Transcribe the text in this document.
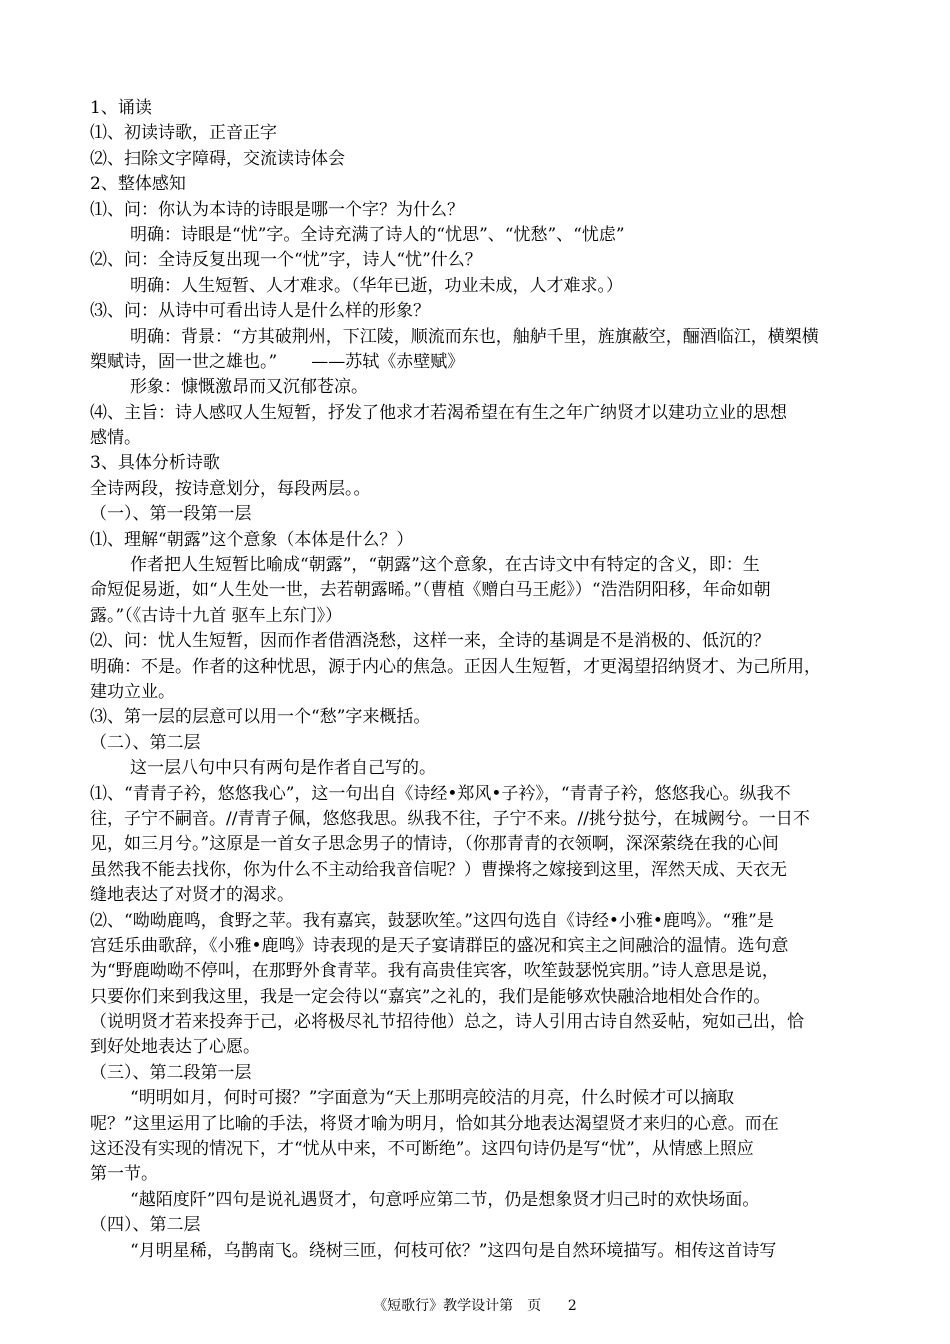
1、诵读
⑴、初读诗歌，正音正字
⑵、扫除文字障碍，交流读诗体会
2、整体感知
⑴、问：你认为本诗的诗眼是哪一个字？为什么？
明确：诗眼是“忧”字。全诗充满了诗人的“忧思”、“忧愁”、“忧虑”
⑵、问：全诗反复出现一个“忧”字，诗人“忧”什么？
明确：人生短暂、人才难求。（华年已逝，功业未成，人才难求。）
⑶、问：从诗中可看出诗人是什么样的形象？
明确：背景：“方其破荆州，下江陵，顺流而东也，舳舻千里，旌旗蔽空，酾酒临江，横槊横
槊赋诗，固一世之雄也。”　　——苏轼《赤壁赋》
形象：慷慨激昂而又沉郁苍凉。
⑷、主旨：诗人感叹人生短暂，抒发了他求才若渴希望在有生之年广纳贤才以建功立业的思想
感情。
3、具体分析诗歌
全诗两段，按诗意划分，每段两层。。
（一）、第一段第一层
⑴、理解“朝露”这个意象（本体是什么？）
作者把人生短暂比喻成“朝露”，“朝露”这个意象，在古诗文中有特定的含义，即：生
命短促易逝，如“人生处一世，去若朝露晞。”（曹植《赠白马王彪》）“浩浩阴阳移，年命如朝
露。”（《古诗十九首 驱车上东门》）
⑵、问：忧人生短暂，因而作者借酒浇愁，这样一来，全诗的基调是不是消极的、低沉的？
明确：不是。作者的这种忧思，源于内心的焦急。正因人生短暂，才更渴望招纳贤才、为己所用，
建功立业。
⑶、第一层的层意可以用一个“愁”字来概括。
（二）、第二层
这一层八句中只有两句是作者自己写的。
⑴、“青青子衿，悠悠我心”，这一句出自《诗经•郑风•子衿》，“青青子衿，悠悠我心。纵我不
往，子宁不嗣音。//青青子佩，悠悠我思。纵我不往，子宁不来。//挑兮挞兮，在城阙兮。一日不
见，如三月兮。”这原是一首女子思念男子的情诗，（你那青青的衣领啊，深深萦绕在我的心间
虽然我不能去找你，你为什么不主动给我音信呢？）曹操将之嫁接到这里，浑然天成、天衣无
缝地表达了对贤才的渴求。
⑵、“呦呦鹿鸣，食野之苹。我有嘉宾，鼓瑟吹笙。”这四句选自《诗经•小雅•鹿鸣》。“雅”是
宫廷乐曲歌辞，《小雅•鹿鸣》诗表现的是天子宴请群臣的盛况和宾主之间融洽的温情。选句意
为“野鹿呦呦不停叫，在那野外食青苹。我有高贵佳宾客，吹笙鼓瑟悦宾朋。”诗人意思是说，
只要你们来到我这里，我是一定会待以“嘉宾”之礼的，我们是能够欢快融洽地相处合作的。
（说明贤才若来投奔于己，必将极尽礼节招待他）总之，诗人引用古诗自然妥帖，宛如己出，恰
到好处地表达了心愿。
（三）、第二段第一层
“明明如月，何时可掇？”字面意为“天上那明亮皎洁的月亮，什么时候才可以摘取
呢？”这里运用了比喻的手法，将贤才喻为明月，恰如其分地表达渴望贤才来归的心意。而在
这还没有实现的情况下，才“忧从中来，不可断绝”。这四句诗仍是写“忧”，从情感上照应
第一节。
“越陌度阡”四句是说礼遇贤才，句意呼应第二节，仍是想象贤才归己时的欢快场面。
（四）、第二层
“月明星稀，乌鹊南飞。绕树三匝，何枝可依？”这四句是自然环境描写。相传这首诗写
《短歌行》教学设计第　页 2
